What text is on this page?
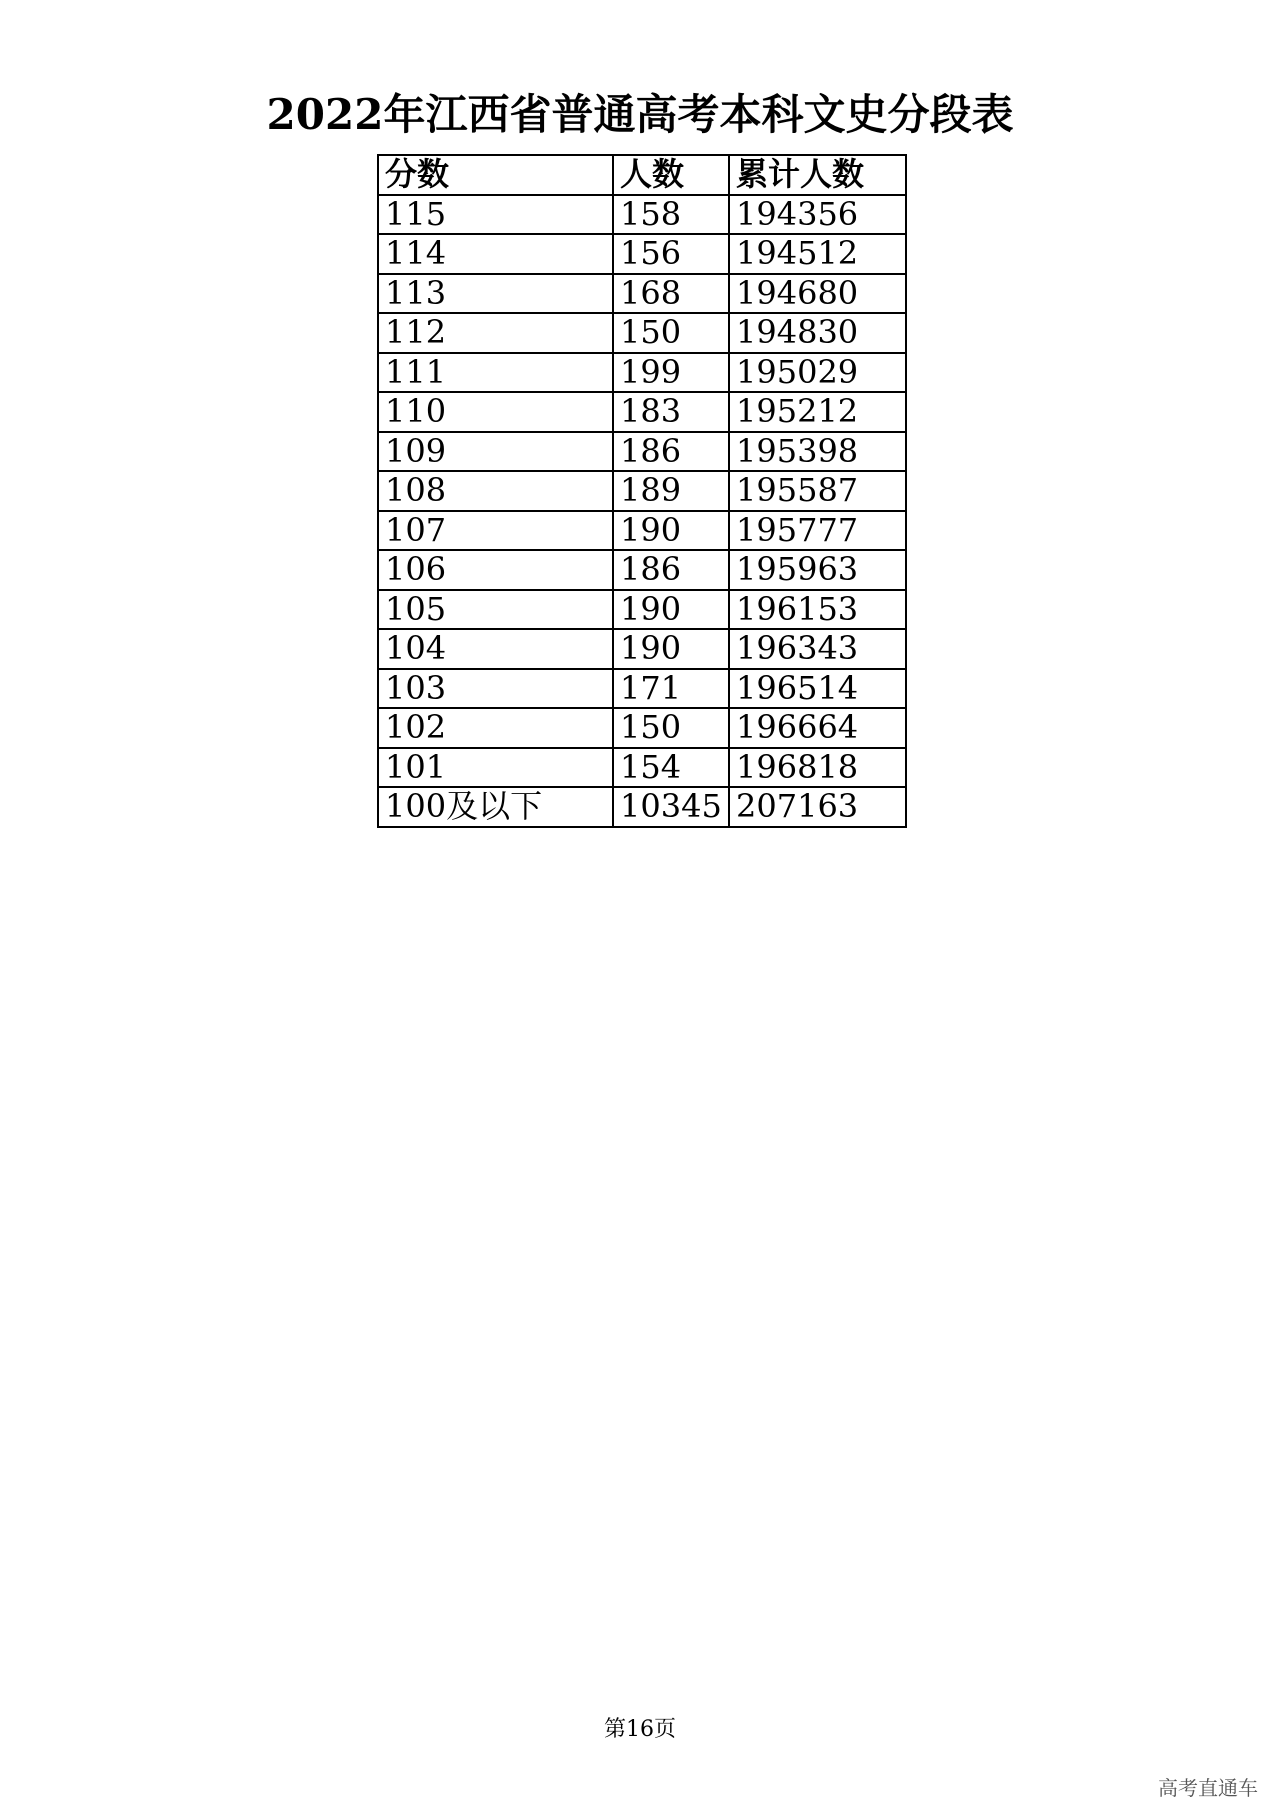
2022年江西省普通高考本科文史分段表
分数	人数	累计人数
115	158	194356
114	156	194512
113	168	194680
112	150	194830
111	199	195029
110	183	195212
109	186	195398
108	189	195587
107	190	195777
106	186	195963
105	190	196153
104	190	196343
103	171	196514
102	150	196664
101	154	196818
100及以下	10345	207163
第16页
高考直通车
